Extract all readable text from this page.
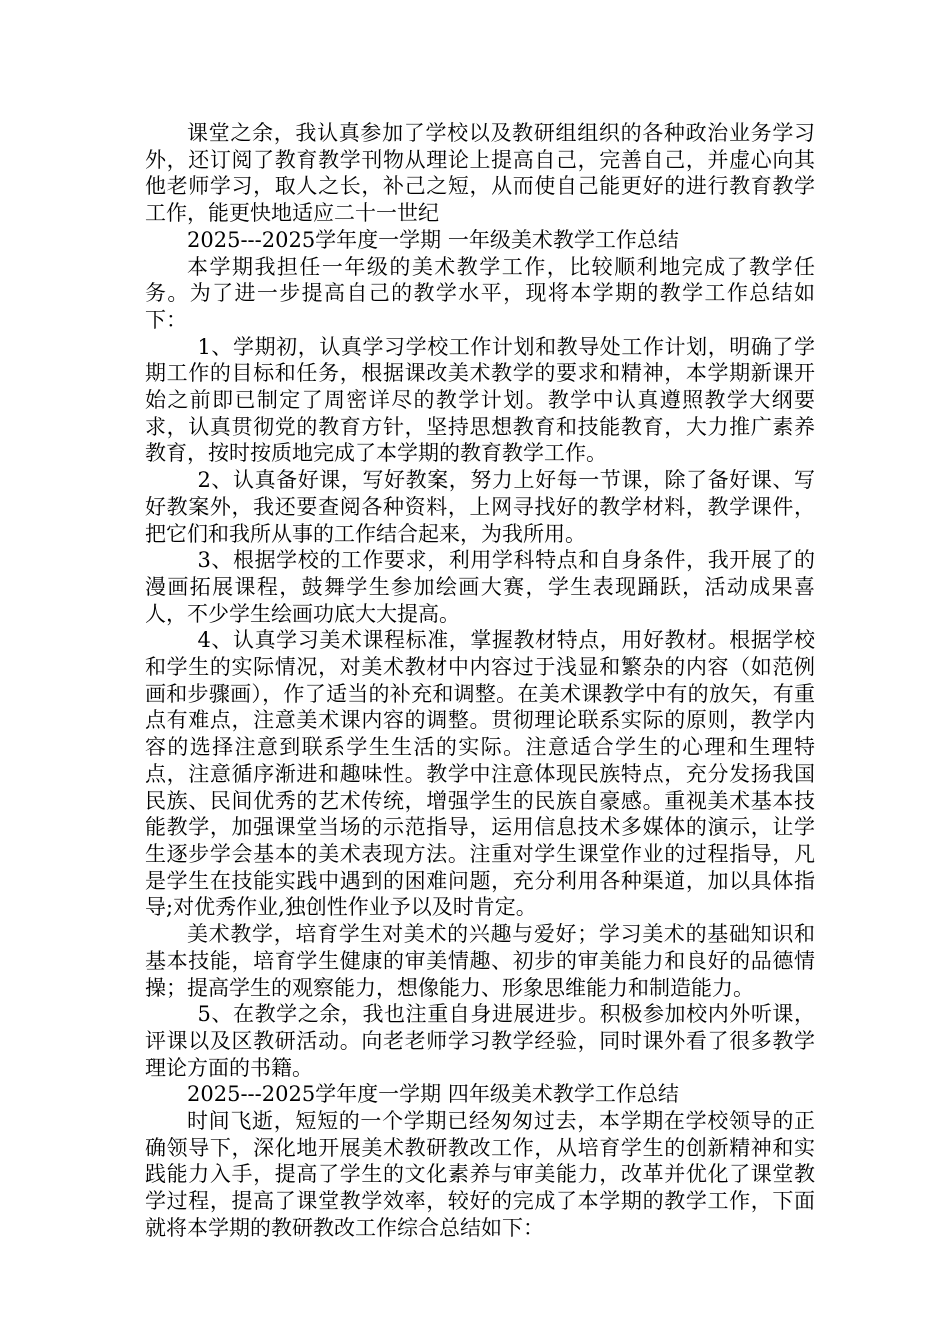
课堂之余，我认真参加了学校以及教研组组织的各种政治业务学习外，还订阅了教育教学刊物从理论上提高自己，完善自己，并虚心向其他老师学习，取人之长，补己之短，从而使自己能更好的进行教育教学工作，能更快地适应二十一世纪

2025---2025学年度一学期 一年级美术教学工作总结

本学期我担任一年级的美术教学工作，比较顺利地完成了教学任务。为了进一步提高自己的教学水平，现将本学期的教学工作总结如下：

1、学期初，认真学习学校工作计划和教导处工作计划，明确了学期工作的目标和任务，根据课改美术教学的要求和精神，本学期新课开始之前即已制定了周密详尽的教学计划。教学中认真遵照教学大纲要求，认真贯彻党的教育方针，坚持思想教育和技能教育，大力推广素养教育，按时按质地完成了本学期的教育教学工作。

2、认真备好课，写好教案，努力上好每一节课，除了备好课、写好教案外，我还要查阅各种资料，上网寻找好的教学材料，教学课件，把它们和我所从事的工作结合起来，为我所用。

3、根据学校的工作要求，利用学科特点和自身条件，我开展了的漫画拓展课程，鼓舞学生参加绘画大赛，学生表现踊跃，活动成果喜人，不少学生绘画功底大大提高。

4、认真学习美术课程标准，掌握教材特点，用好教材。根据学校和学生的实际情况，对美术教材中内容过于浅显和繁杂的内容（如范例画和步骤画），作了适当的补充和调整。在美术课教学中有的放矢，有重点有难点，注意美术课内容的调整。贯彻理论联系实际的原则，教学内容的选择注意到联系学生生活的实际。注意适合学生的心理和生理特点，注意循序渐进和趣味性。教学中注意体现民族特点，充分发扬我国民族、民间优秀的艺术传统，增强学生的民族自豪感。重视美术基本技能教学，加强课堂当场的示范指导，运用信息技术多媒体的演示，让学生逐步学会基本的美术表现方法。注重对学生课堂作业的过程指导，凡是学生在技能实践中遇到的困难问题，充分利用各种渠道，加以具体指导;对优秀作业,独创性作业予以及时肯定。

美术教学，培育学生对美术的兴趣与爱好；学习美术的基础知识和基本技能，培育学生健康的审美情趣、初步的审美能力和良好的品德情操；提高学生的观察能力，想像能力、形象思维能力和制造能力。

5、在教学之余，我也注重自身进展进步。积极参加校内外听课，评课以及区教研活动。向老老师学习教学经验，同时课外看了很多教学理论方面的书籍。

2025---2025学年度一学期 四年级美术教学工作总结

时间飞逝，短短的一个学期已经匆匆过去，本学期在学校领导的正确领导下，深化地开展美术教研教改工作，从培育学生的创新精神和实践能力入手，提高了学生的文化素养与审美能力，改革并优化了课堂教学过程，提高了课堂教学效率，较好的完成了本学期的教学工作，下面就将本学期的教研教改工作综合总结如下：
